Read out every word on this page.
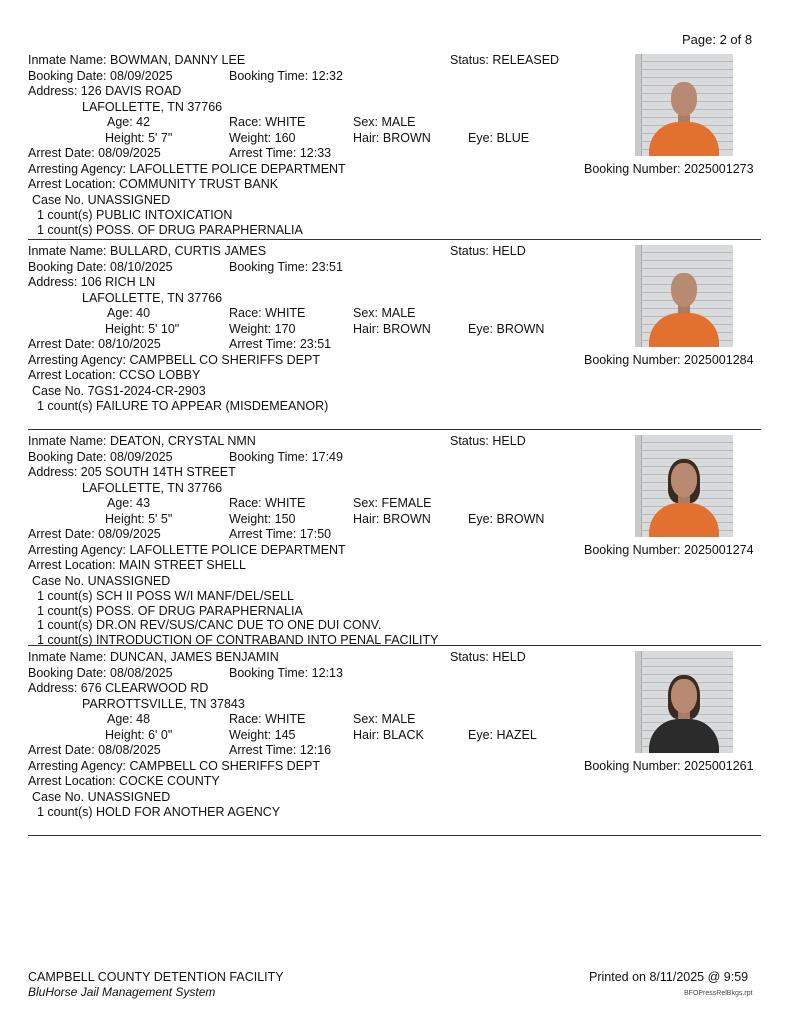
Page: 2 of 8
Inmate Name: BOWMAN, DANNY LEE	Status: RELEASED
Booking Date: 08/09/2025	Booking Time: 12:32
Address: 126 DAVIS ROAD
LAFOLLETTE, TN 37766
Age: 42	Race: WHITE	Sex: MALE
Height: 5' 7"	Weight: 160	Hair: BROWN	Eye: BLUE
Arrest Date: 08/09/2025	Arrest Time: 12:33
Arresting Agency: LAFOLLETTE POLICE DEPARTMENT	Booking Number: 2025001273
Arrest Location: COMMUNITY TRUST BANK
Case No. UNASSIGNED
1 count(s) PUBLIC INTOXICATION
1 count(s) POSS. OF DRUG PARAPHERNALIA
Inmate Name: BULLARD, CURTIS JAMES	Status: HELD
Booking Date: 08/10/2025	Booking Time: 23:51
Address: 106 RICH LN
LAFOLLETTE, TN 37766
Age: 40	Race: WHITE	Sex: MALE
Height: 5' 10"	Weight: 170	Hair: BROWN	Eye: BROWN
Arrest Date: 08/10/2025	Arrest Time: 23:51
Arresting Agency: CAMPBELL CO SHERIFFS DEPT	Booking Number: 2025001284
Arrest Location: CCSO LOBBY
Case No. 7GS1-2024-CR-2903
1 count(s) FAILURE TO APPEAR (MISDEMEANOR)
Inmate Name: DEATON, CRYSTAL NMN	Status: HELD
Booking Date: 08/09/2025	Booking Time: 17:49
Address: 205 SOUTH 14TH STREET
LAFOLLETTE, TN 37766
Age: 43	Race: WHITE	Sex: FEMALE
Height: 5' 5"	Weight: 150	Hair: BROWN	Eye: BROWN
Arrest Date: 08/09/2025	Arrest Time: 17:50
Arresting Agency: LAFOLLETTE POLICE DEPARTMENT	Booking Number: 2025001274
Arrest Location: MAIN STREET SHELL
Case No. UNASSIGNED
1 count(s) SCH II POSS W/I MANF/DEL/SELL
1 count(s) POSS. OF DRUG PARAPHERNALIA
1 count(s) DR.ON REV/SUS/CANC DUE TO ONE DUI CONV.
1 count(s) INTRODUCTION OF CONTRABAND INTO PENAL FACILITY
Inmate Name: DUNCAN, JAMES BENJAMIN	Status: HELD
Booking Date: 08/08/2025	Booking Time: 12:13
Address: 676 CLEARWOOD RD
PARROTTSVILLE, TN 37843
Age: 48	Race: WHITE	Sex: MALE
Height: 6' 0"	Weight: 145	Hair: BLACK	Eye: HAZEL
Arrest Date: 08/08/2025	Arrest Time: 12:16
Arresting Agency: CAMPBELL CO SHERIFFS DEPT	Booking Number: 2025001261
Arrest Location: COCKE COUNTY
Case No. UNASSIGNED
1 count(s) HOLD FOR ANOTHER AGENCY
CAMPBELL COUNTY DETENTION FACILITY
BluHorse Jail Management System
Printed on 8/11/2025 @ 9:59
BFOPressRelBkgs.rpt
